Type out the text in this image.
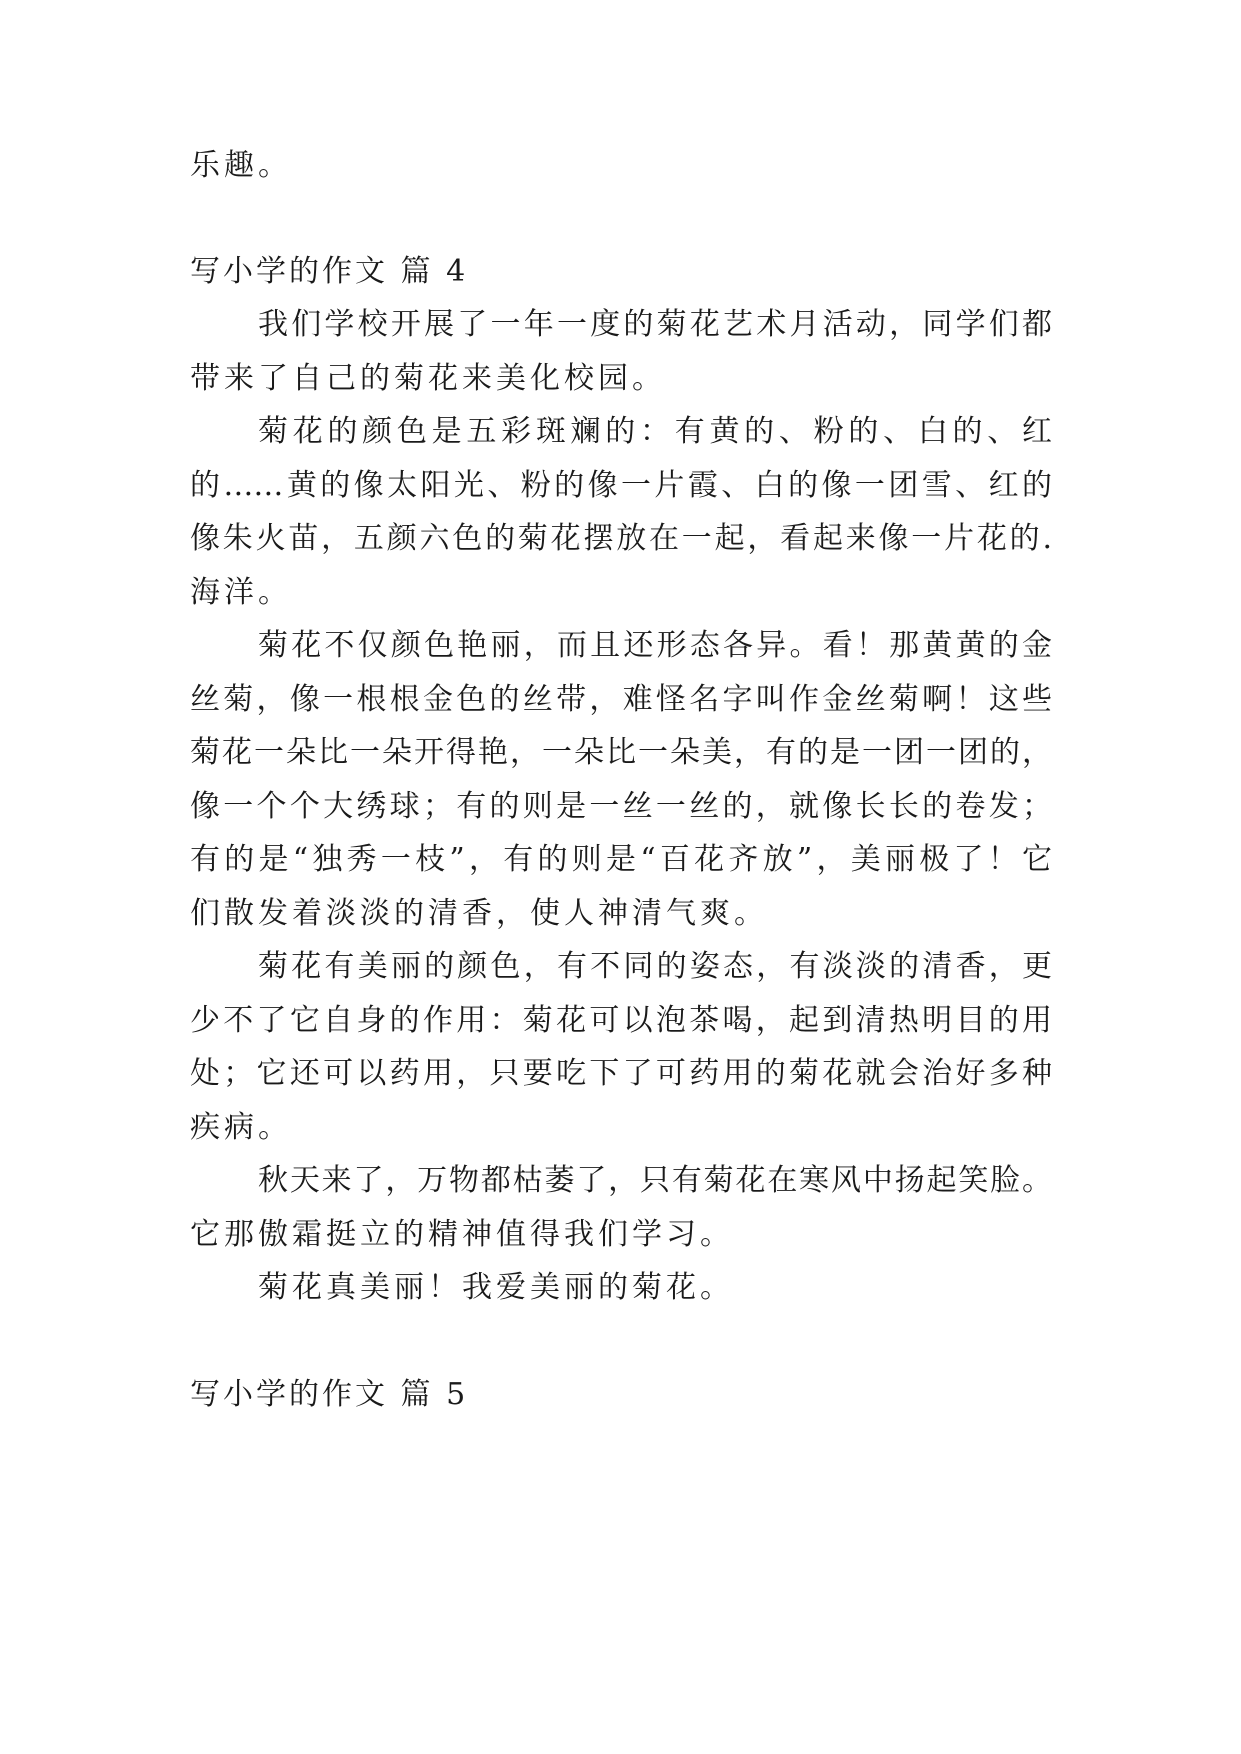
乐趣。
写小学的作文 篇 4
我们学校开展了一年一度的菊花艺术月活动，同学们都
带来了自己的菊花来美化校园。
菊花的颜色是五彩斑斓的：有黄的、粉的、白的、红
的……黄的像太阳光、粉的像一片霞、白的像一团雪、红的
像朱火苗，五颜六色的菊花摆放在一起，看起来像一片花的.
海洋。
菊花不仅颜色艳丽，而且还形态各异。看！那黄黄的金
丝菊，像一根根金色的丝带，难怪名字叫作金丝菊啊！这些
菊花一朵比一朵开得艳，一朵比一朵美，有的是一团一团的，
像一个个大绣球；有的则是一丝一丝的，就像长长的卷发；
有的是“独秀一枝”，有的则是“百花齐放”，美丽极了！它
们散发着淡淡的清香，使人神清气爽。
菊花有美丽的颜色，有不同的姿态，有淡淡的清香，更
少不了它自身的作用：菊花可以泡茶喝，起到清热明目的用
处；它还可以药用，只要吃下了可药用的菊花就会治好多种
疾病。
秋天来了，万物都枯萎了，只有菊花在寒风中扬起笑脸。
它那傲霜挺立的精神值得我们学习。
菊花真美丽！我爱美丽的菊花。
写小学的作文 篇 5
